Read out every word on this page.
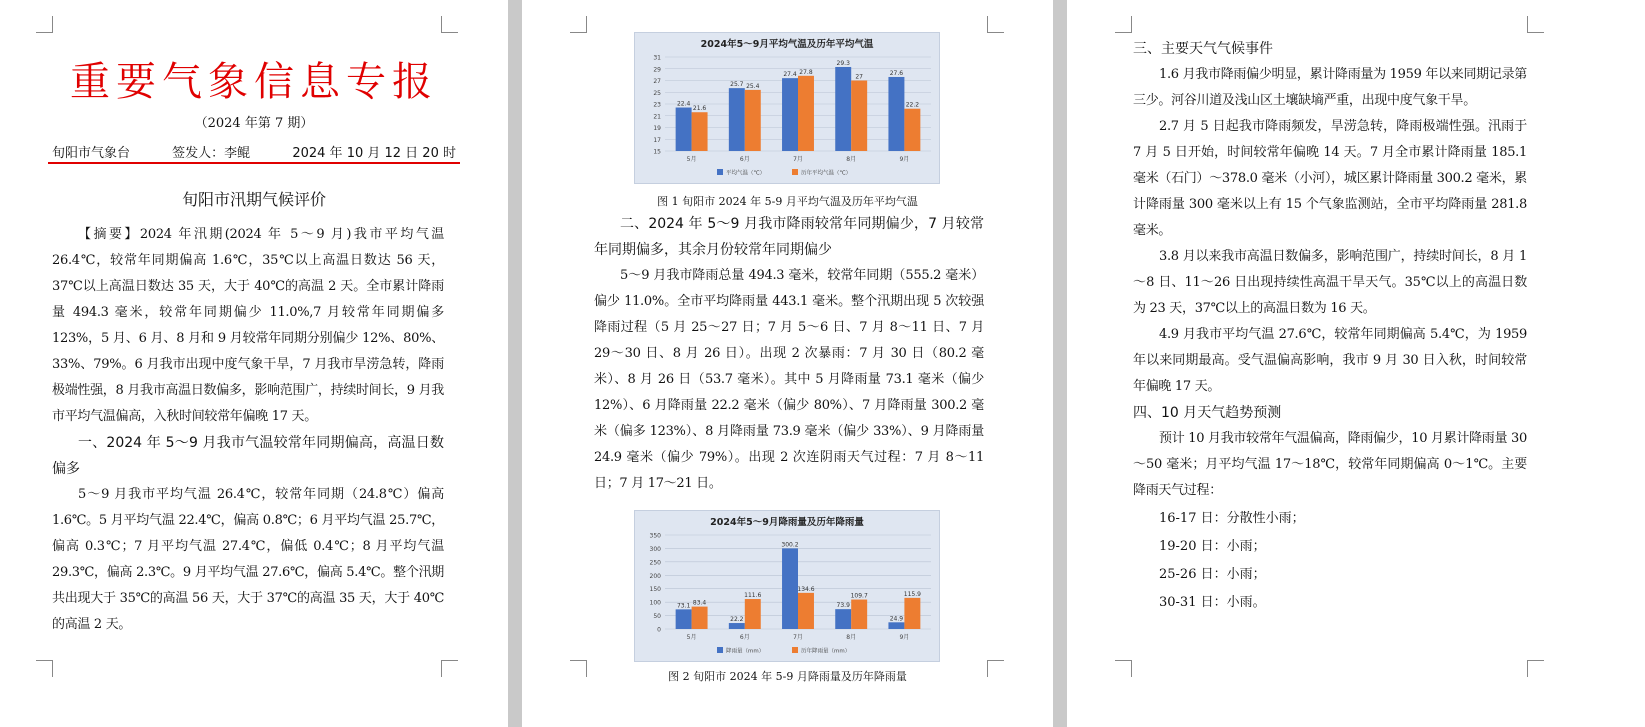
重要气象信息专报
（2024 年第 7 期）
旬阳市气象台	签发人：李鲲	2024 年 10 月 12 日 20 时
旬阳市汛期气候评价

【摘要】2024 年汛期(2024 年 5～9 月)我市平均气温 26.4℃，较常年同期偏高 1.6℃，35℃以上高温日数达 56 天，37℃以上高温日数达 35 天，大于 40℃的高温 2 天。全市累计降雨量 494.3 毫米，较常年同期偏少 11.0%,7 月较常年同期偏多 123%，5 月、6 月、8 月和 9 月较常年同期分别偏少 12%、80%、33%、79%。6 月我市出现中度气象干旱，7 月我市旱涝急转，降雨极端性强，8 月我市高温日数偏多，影响范围广，持续时间长，9 月我市平均气温偏高，入秋时间较常年偏晚 17 天。

一、2024 年 5～9 月我市气温较常年同期偏高，高温日数偏多

5～9 月我市平均气温 26.4℃，较常年同期（24.8℃）偏高 1.6℃。5 月平均气温 22.4℃，偏高 0.8℃；6 月平均气温 25.7℃，偏高 0.3℃；7 月平均气温 27.4℃，偏低 0.4℃；8 月平均气温 29.3℃，偏高 2.3℃。9 月平均气温 27.6℃，偏高 5.4℃。整个汛期共出现大于 35℃的高温 56 天，大于 37℃的高温 35 天，大于 40℃的高温 2 天。

2024年5～9月平均气温及历年平均气温
15
17
19
21
23
25
27
29
31
5月
22.4
21.6
6月
25.7 25.4
7月
27.4 27.8
8月
29.3
27
9月
27.6
22.2
平均气温（℃）	历年平均气温（℃）
图 1 旬阳市 2024 年 5-9 月平均气温及历年平均气温

二、2024 年 5～9 月我市降雨较常年同期偏少，7 月较常年同期偏多，其余月份较常年同期偏少

5～9 月我市降雨总量 494.3 毫米，较常年同期（555.2 毫米）偏少 11.0%。全市平均降雨量 443.1 毫米。整个汛期出现 5 次较强降雨过程（5 月 25～27 日；7 月 5～6 日、7 月 8～11 日、7 月 29～30 日、8 月 26 日）。出现 2 次暴雨：7 月 30 日（80.2 毫米）、8 月 26 日（53.7 毫米）。其中 5 月降雨量 73.1 毫米（偏少 12%）、6 月降雨量 22.2 毫米（偏少 80%）、7 月降雨量 300.2 毫米（偏多 123%）、8 月降雨量 73.9 毫米（偏少 33%）、9 月降雨量 24.9 毫米（偏少 79%）。出现 2 次连阴雨天气过程：7 月 8～11 日；7 月 17～21 日。

2024年5～9月降雨量及历年降雨量
0
50
100
150
200
250
300
350
5月
73.1 83.4
6月
22.2
111.6
7月
300.2
134.6
8月
73.9
109.7
9月
24.9
115.9
降雨量（mm）	历年降雨量（mm）
图 2 旬阳市 2024 年 5-9 月降雨量及历年降雨量

三、主要天气气候事件

1.6 月我市降雨偏少明显，累计降雨量为 1959 年以来同期记录第三少。河谷川道及浅山区土壤缺墒严重，出现中度气象干旱。

2.7 月 5 日起我市降雨频发，旱涝急转，降雨极端性强。汛雨于 7 月 5 日开始，时间较常年偏晚 14 天。7 月全市累计降雨量 185.1 毫米（石门）～378.0 毫米（小河），城区累计降雨量 300.2 毫米，累计降雨量 300 毫米以上有 15 个气象监测站，全市平均降雨量 281.8 毫米。

3.8 月以来我市高温日数偏多，影响范围广，持续时间长，8 月 1～8 日、11～26 日出现持续性高温干旱天气。35℃以上的高温日数为 23 天，37℃以上的高温日数为 16 天。

4.9 月我市平均气温 27.6℃，较常年同期偏高 5.4℃，为 1959 年以来同期最高。受气温偏高影响，我市 9 月 30 日入秋，时间较常年偏晚 17 天。

四、10 月天气趋势预测

预计 10 月我市较常年气温偏高，降雨偏少，10 月累计降雨量 30～50 毫米；月平均气温 17～18℃，较常年同期偏高 0～1℃。主要降雨天气过程：

16-17 日：分散性小雨；

19-20 日：小雨；

25-26 日：小雨；

30-31 日：小雨。
